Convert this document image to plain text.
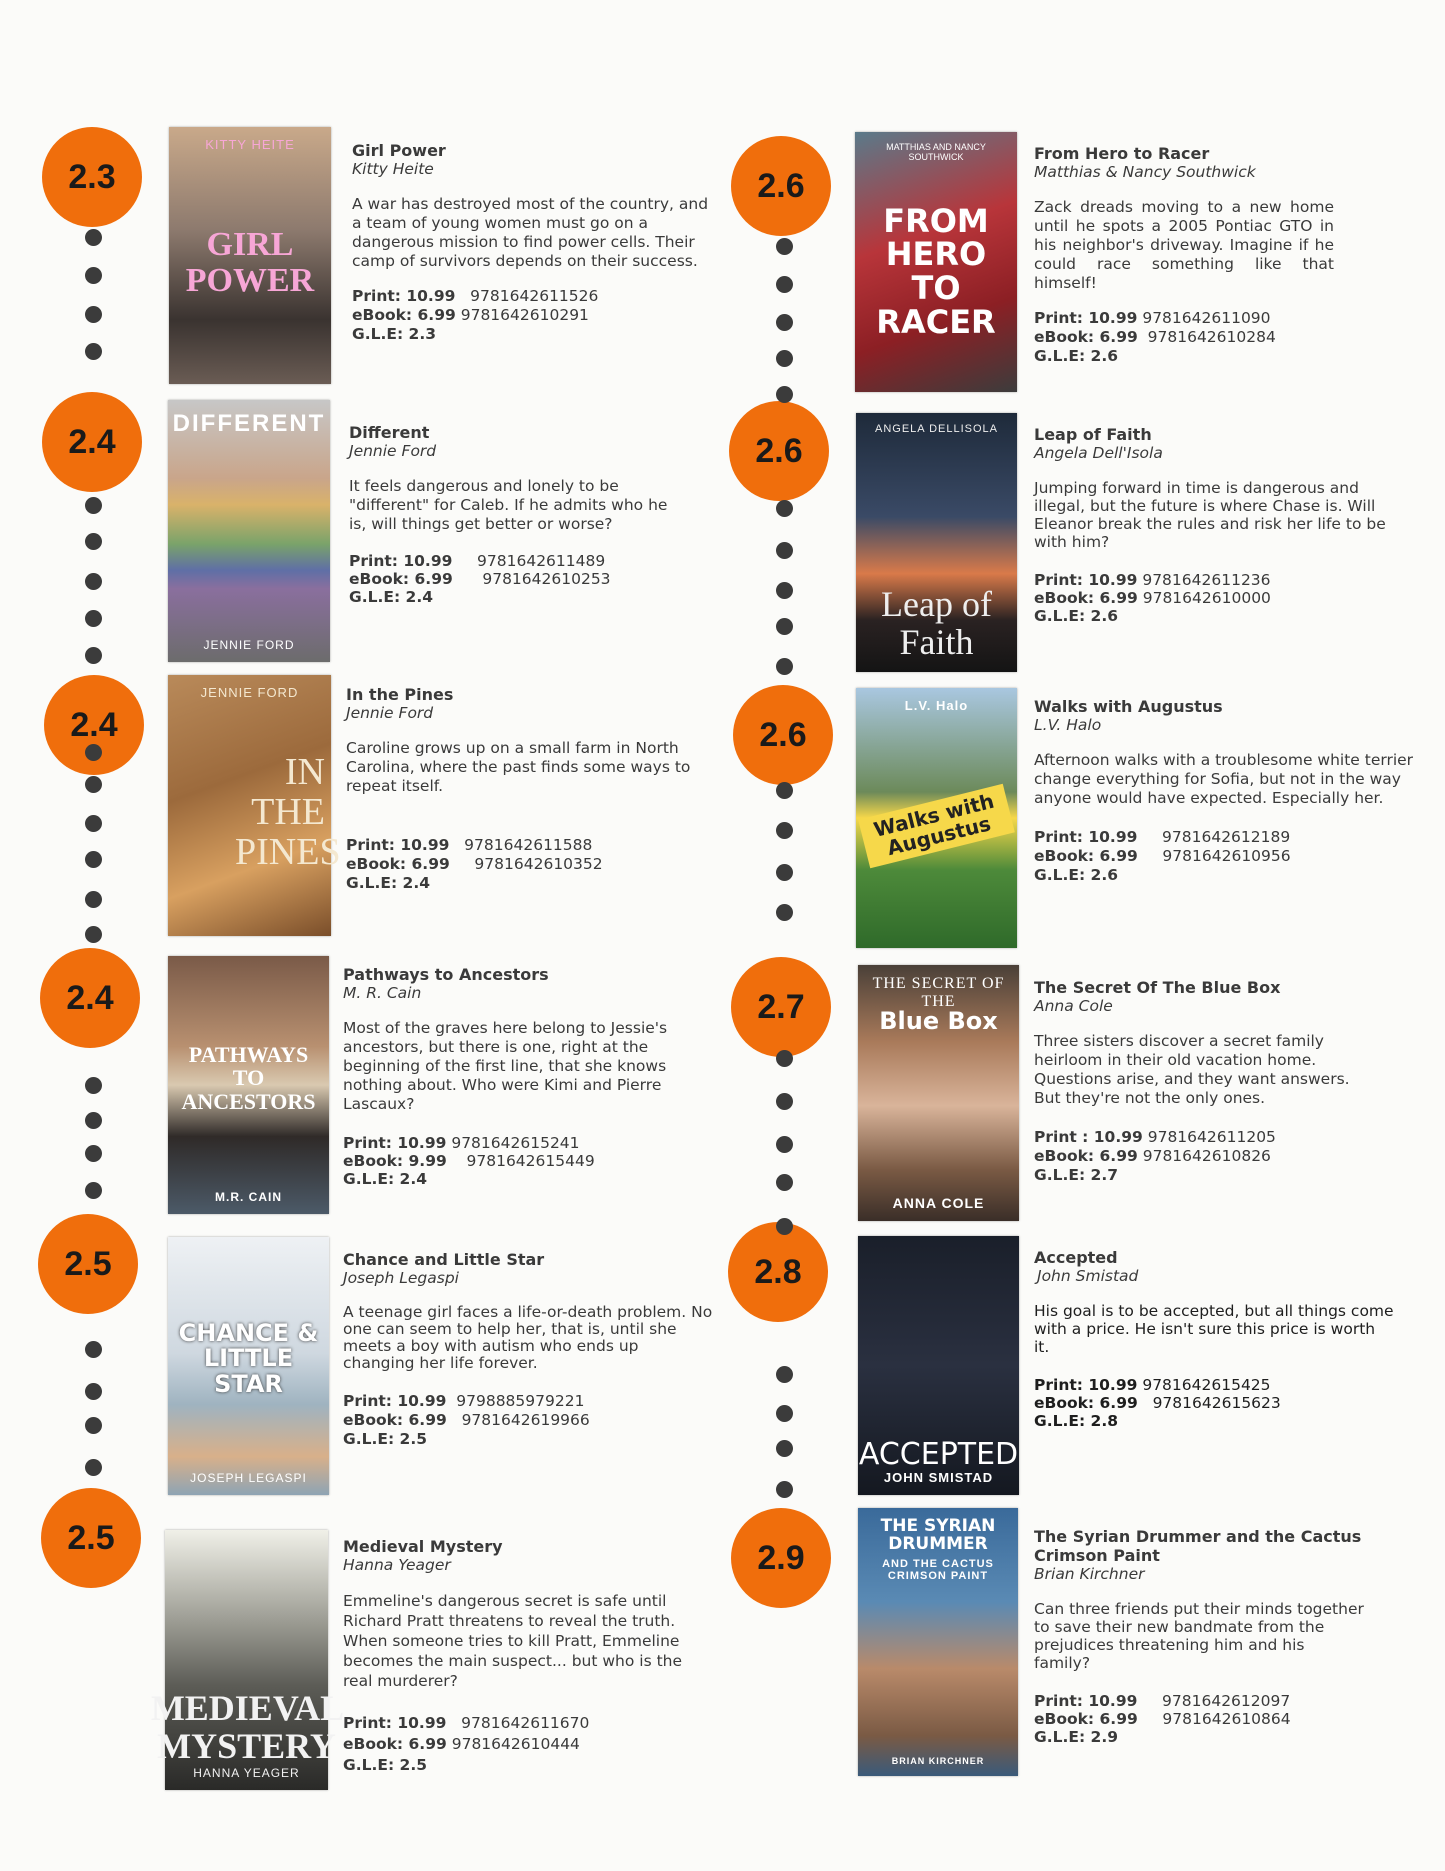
2.3
KITTY HEITE
GIRL POWER
Girl Power
Kitty Heite
A war has destroyed most of the country, and a team of young women must go on a dangerous mission to find power cells. Their camp of survivors depends on their success.
Print: 10.99 9781642611526
eBook: 6.99 9781642610291
G.L.E: 2.3
2.4	DIFFERENT
JENNIE FORD
Different
Jennie Ford
It feels dangerous and lonely to be "different" for Caleb. If he admits who he is, will things get better or worse?
Print: 10.99 9781642611489
eBook: 6.99 9781642610253
G.L.E: 2.4
2.4
JENNIE FORD
IN THE PINES
In the Pines
Jennie Ford
Caroline grows up on a small farm in North Carolina, where the past finds some ways to repeat itself.
Print: 10.99 9781642611588
eBook: 6.99 9781642610352
G.L.E: 2.4
2.4
PATHWAYS TO ANCESTORS
M.R. CAIN
Pathways to Ancestors
M. R. Cain
Most of the graves here belong to Jessie's ancestors, but there is one, right at the beginning of the first line, that she knows nothing about. Who were Kimi and Pierre Lascaux?
Print: 10.99 9781642615241
eBook: 9.99 9781642615449
G.L.E: 2.4
2.5
CHANCE & LITTLE STAR
JOSEPH LEGASPI
Chance and Little Star
Joseph Legaspi
A teenage girl faces a life-or-death problem. No one can seem to help her, that is, until she meets a boy with autism who ends up changing her life forever.
Print: 10.99 9798885979221
eBook: 6.99 9781642619966
G.L.E: 2.5
2.5
MEDIEVAL MYSTERY
HANNA YEAGER
Medieval Mystery
Hanna Yeager
Emmeline's dangerous secret is safe until Richard Pratt threatens to reveal the truth. When someone tries to kill Pratt, Emmeline becomes the main suspect... but who is the real murderer?
Print: 10.99 9781642611670
eBook: 6.99 9781642610444
G.L.E: 2.5
2.6
MATTHIAS AND NANCY SOUTHWICK
FROM HERO TO RACER
From Hero to Racer
Matthias & Nancy Southwick
Zack dreads moving to a new home until he spots a 2005 Pontiac GTO in his neighbor's driveway. Imagine if he could race something like that himself!
Print: 10.99 9781642611090
eBook: 6.99 9781642610284
G.L.E: 2.6
2.6
ANGELA DELLISOLA
Leap of Faith
Leap of Faith
Angela Dell'Isola
Jumping forward in time is dangerous and illegal, but the future is where Chase is. Will Eleanor break the rules and risk her life to be with him?
Print: 10.99 9781642611236
eBook: 6.99 9781642610000
G.L.E: 2.6
2.6
L.V. Halo
Walks with Augustus
Walks with Augustus
L.V. Halo
Afternoon walks with a troublesome white terrier change everything for Sofia, but not in the way anyone would have expected. Especially her.
Print: 10.99 9781642612189
eBook: 6.99 9781642610956
G.L.E: 2.6
2.7
THE SECRET OF THE
Blue Box
ANNA COLE
The Secret Of The Blue Box
Anna Cole
Three sisters discover a secret family heirloom in their old vacation home. Questions arise, and they want answers. But they're not the only ones.
Print : 10.99 9781642611205
eBook: 6.99 9781642610826
G.L.E: 2.7
2.8
ACCEPTED
JOHN SMISTAD
Accepted
John Smistad
His goal is to be accepted, but all things come with a price. He isn't sure this price is worth it.
Print: 10.99 9781642615425
eBook: 6.99 9781642615623
G.L.E: 2.8
2.9
THE SYRIAN DRUMMER
AND THE CACTUS CRIMSON PAINT
BRIAN KIRCHNER
The Syrian Drummer and the Cactus Crimson Paint
Brian Kirchner
Can three friends put their minds together to save their new bandmate from the prejudices threatening him and his family?
Print: 10.99 9781642612097
eBook: 6.99 9781642610864
G.L.E: 2.9
